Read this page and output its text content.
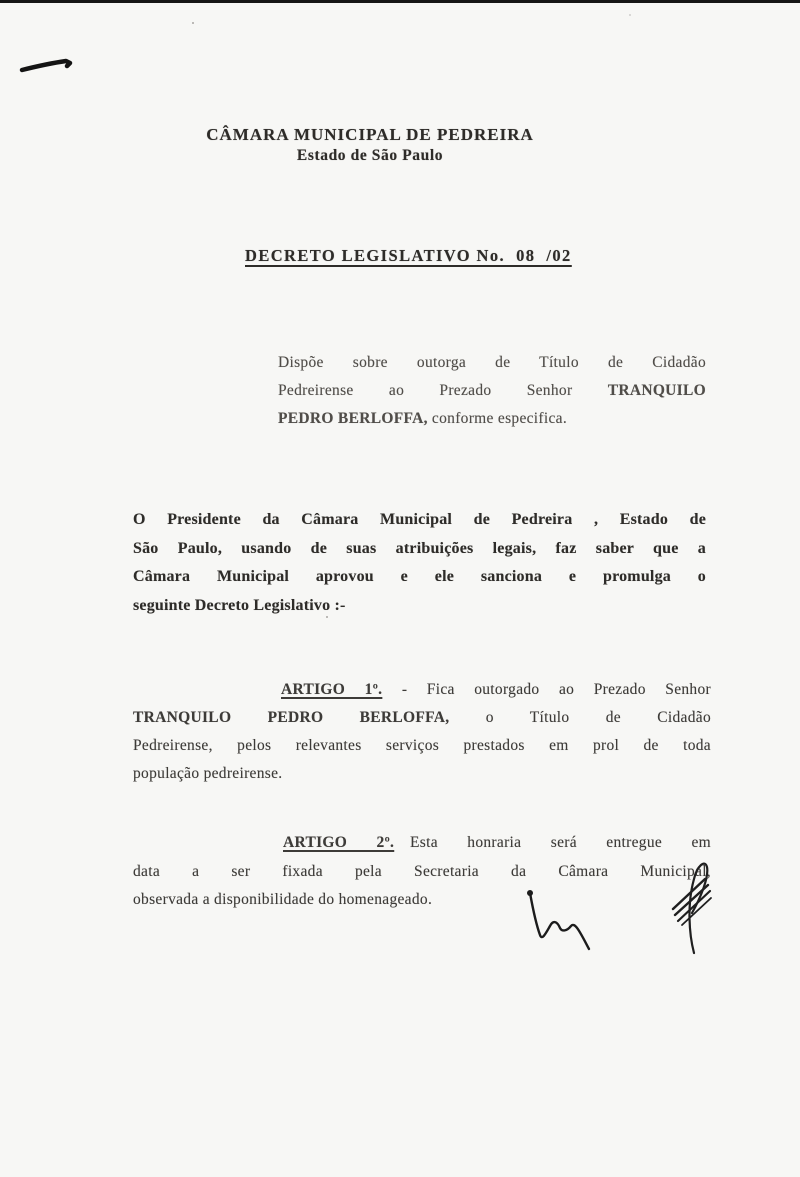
CÂMARA MUNICIPAL DE PEDREIRA
Estado de São Paulo
DECRETO LEGISLATIVO No.  08  /02
Dispõe sobre outorga de Título de Cidadão
Pedreirense ao Prezado Senhor TRANQUILO
PEDRO BERLOFFA, conforme especifica.
O Presidente da Câmara Municipal de Pedreira , Estado de
São Paulo, usando de suas atribuições legais, faz saber que a
Câmara Municipal aprovou e ele sanciona e promulga o
seguinte Decreto Legislativo :-
ARTIGO 1º. - Fica outorgado ao Prezado Senhor
TRANQUILO PEDRO BERLOFFA, o Título de Cidadão
Pedreirense, pelos relevantes serviços prestados em prol de toda
população pedreirense.
ARTIGO 2º. Esta honraria será entregue em
data a ser fixada pela Secretaria da Câmara Municipal,
observada a disponibilidade do homenageado.
